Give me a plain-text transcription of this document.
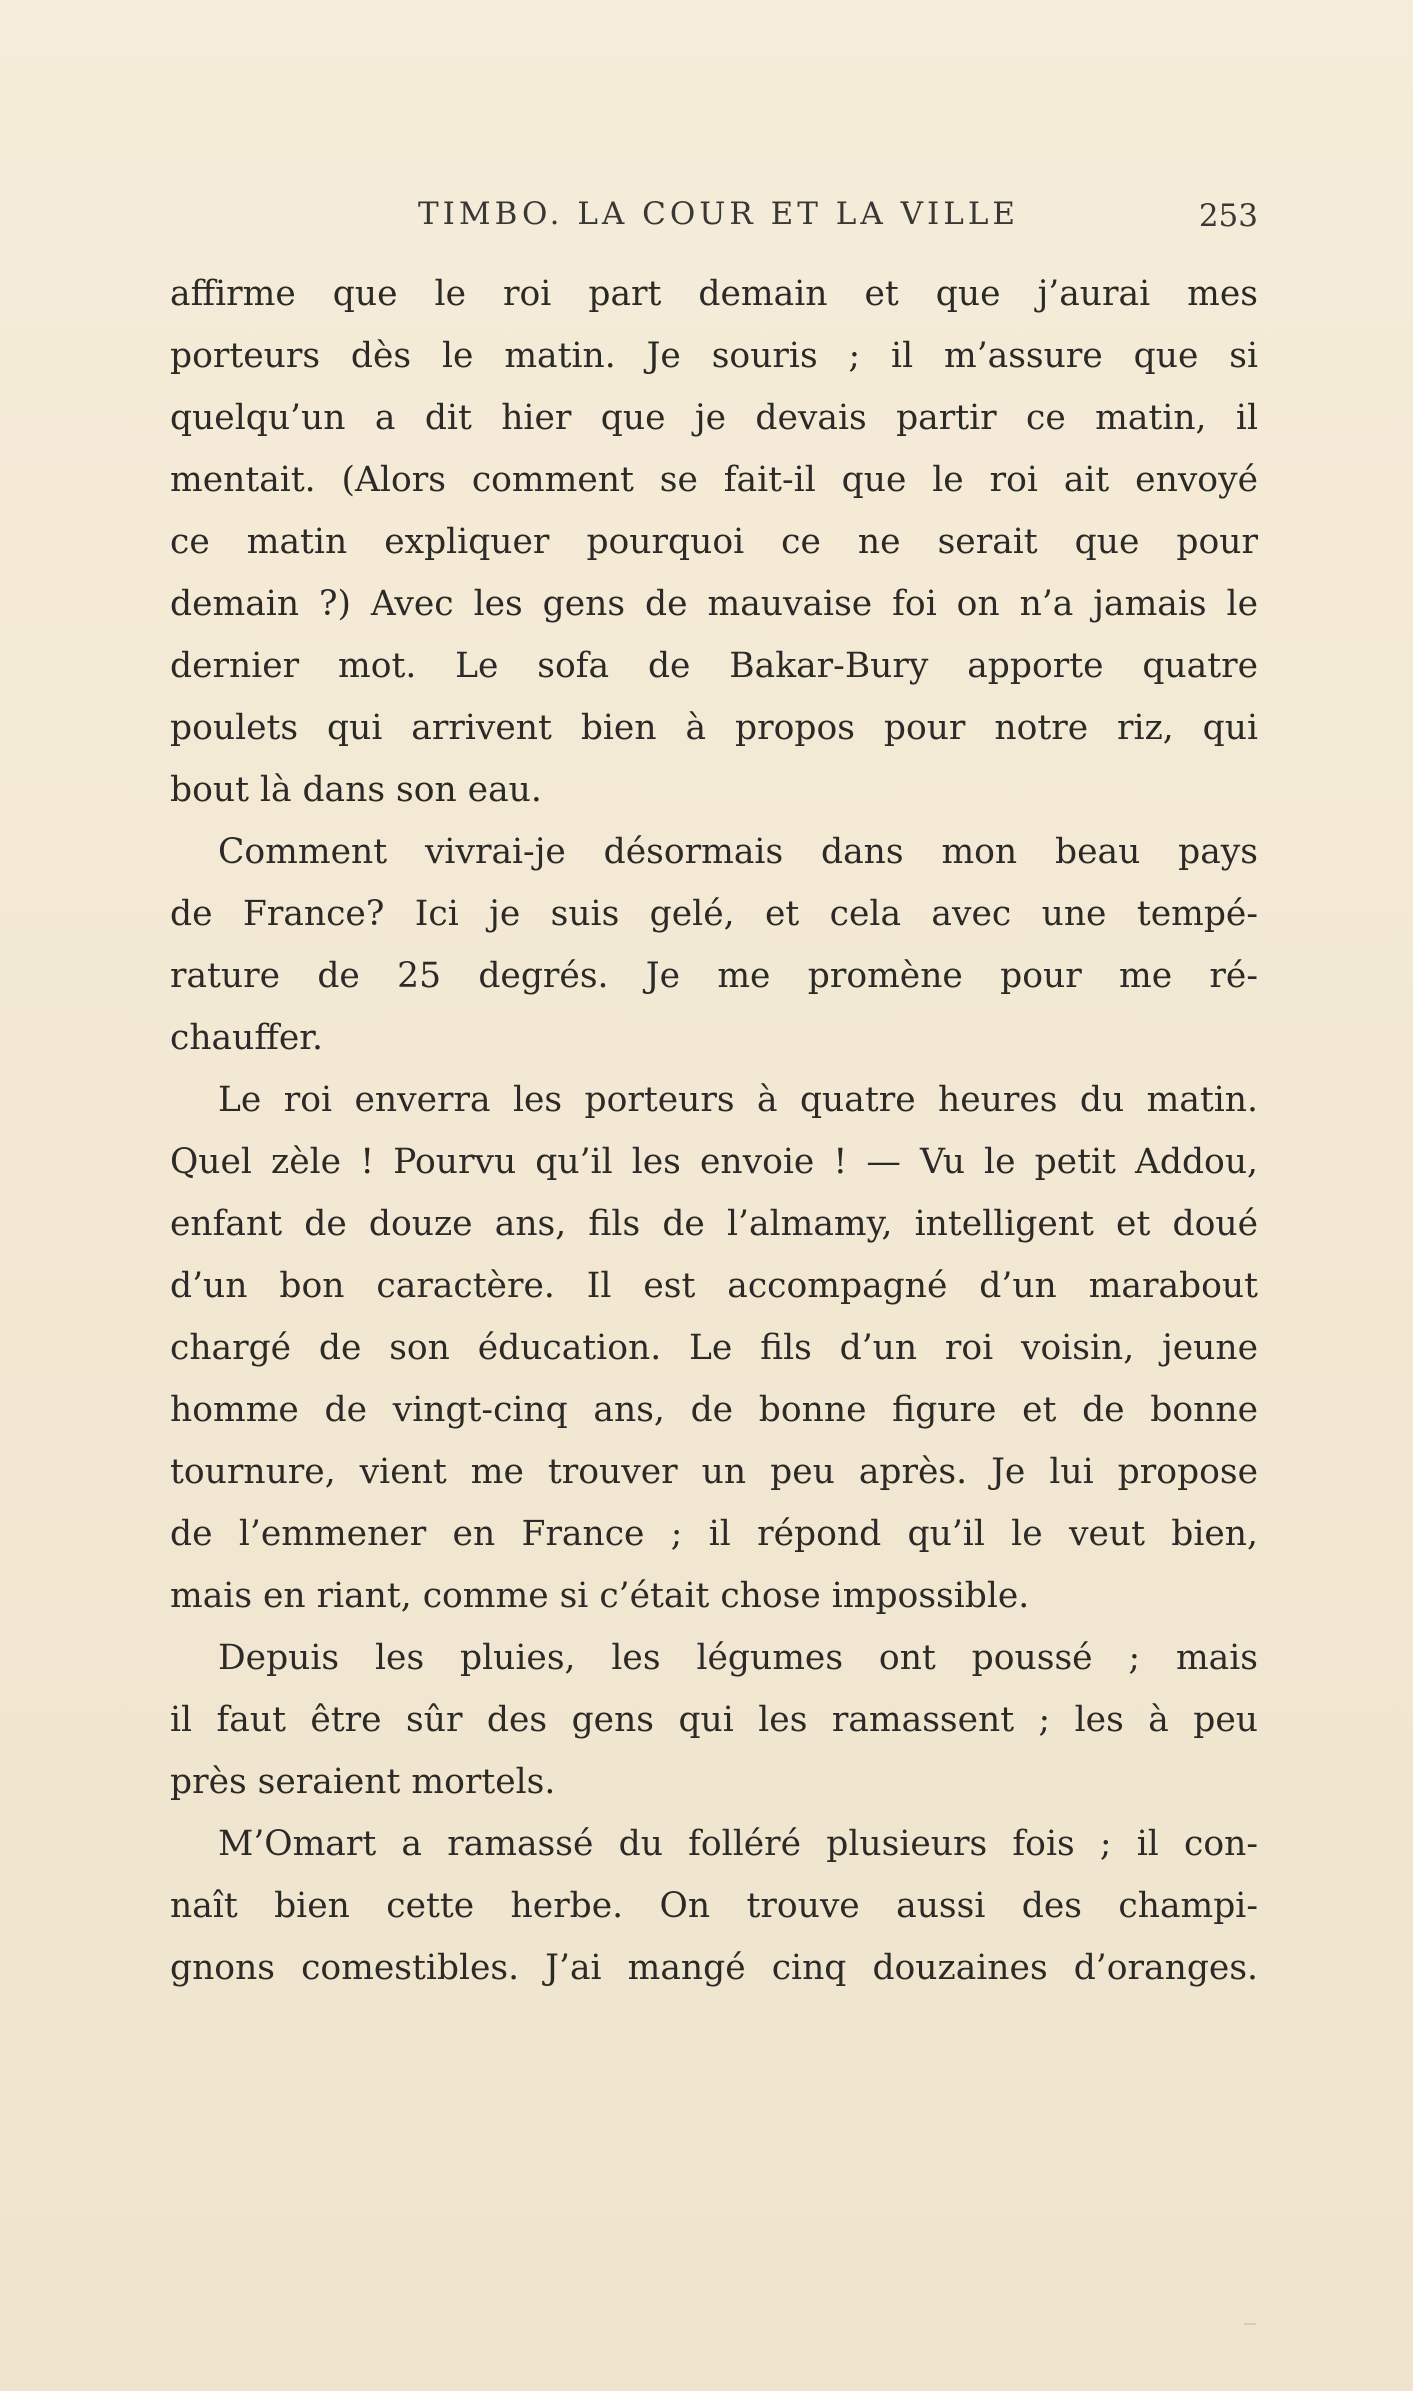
TIMBO. LA COUR ET LA VILLE	253
affirme que le roi part demain et que j’aurai mes
porteurs dès le matin. Je souris ; il m’assure que si
quelqu’un a dit hier que je devais partir ce matin, il
mentait. (Alors comment se fait-il que le roi ait envoyé
ce matin expliquer pourquoi ce ne serait que pour
demain ?) Avec les gens de mauvaise foi on n’a jamais le
dernier mot. Le sofa de Bakar-Bury apporte quatre
poulets qui arrivent bien à propos pour notre riz, qui
bout là dans son eau.
Comment vivrai-je désormais dans mon beau pays
de France? Ici je suis gelé, et cela avec une tempé-
rature de 25 degrés. Je me promène pour me ré-
chauffer.
Le roi enverra les porteurs à quatre heures du matin.
Quel zèle ! Pourvu qu’il les envoie ! — Vu le petit Addou,
enfant de douze ans, fils de l’almamy, intelligent et doué
d’un bon caractère. Il est accompagné d’un marabout
chargé de son éducation. Le fils d’un roi voisin, jeune
homme de vingt-cinq ans, de bonne figure et de bonne
tournure, vient me trouver un peu après. Je lui propose
de l’emmener en France ; il répond qu’il le veut bien,
mais en riant, comme si c’était chose impossible.
Depuis les pluies, les légumes ont poussé ; mais
il faut être sûr des gens qui les ramassent ; les à peu
près seraient mortels.
M’Omart a ramassé du folléré plusieurs fois ; il con-
naît bien cette herbe. On trouve aussi des champi-
gnons comestibles. J’ai mangé cinq douzaines d’oranges.
